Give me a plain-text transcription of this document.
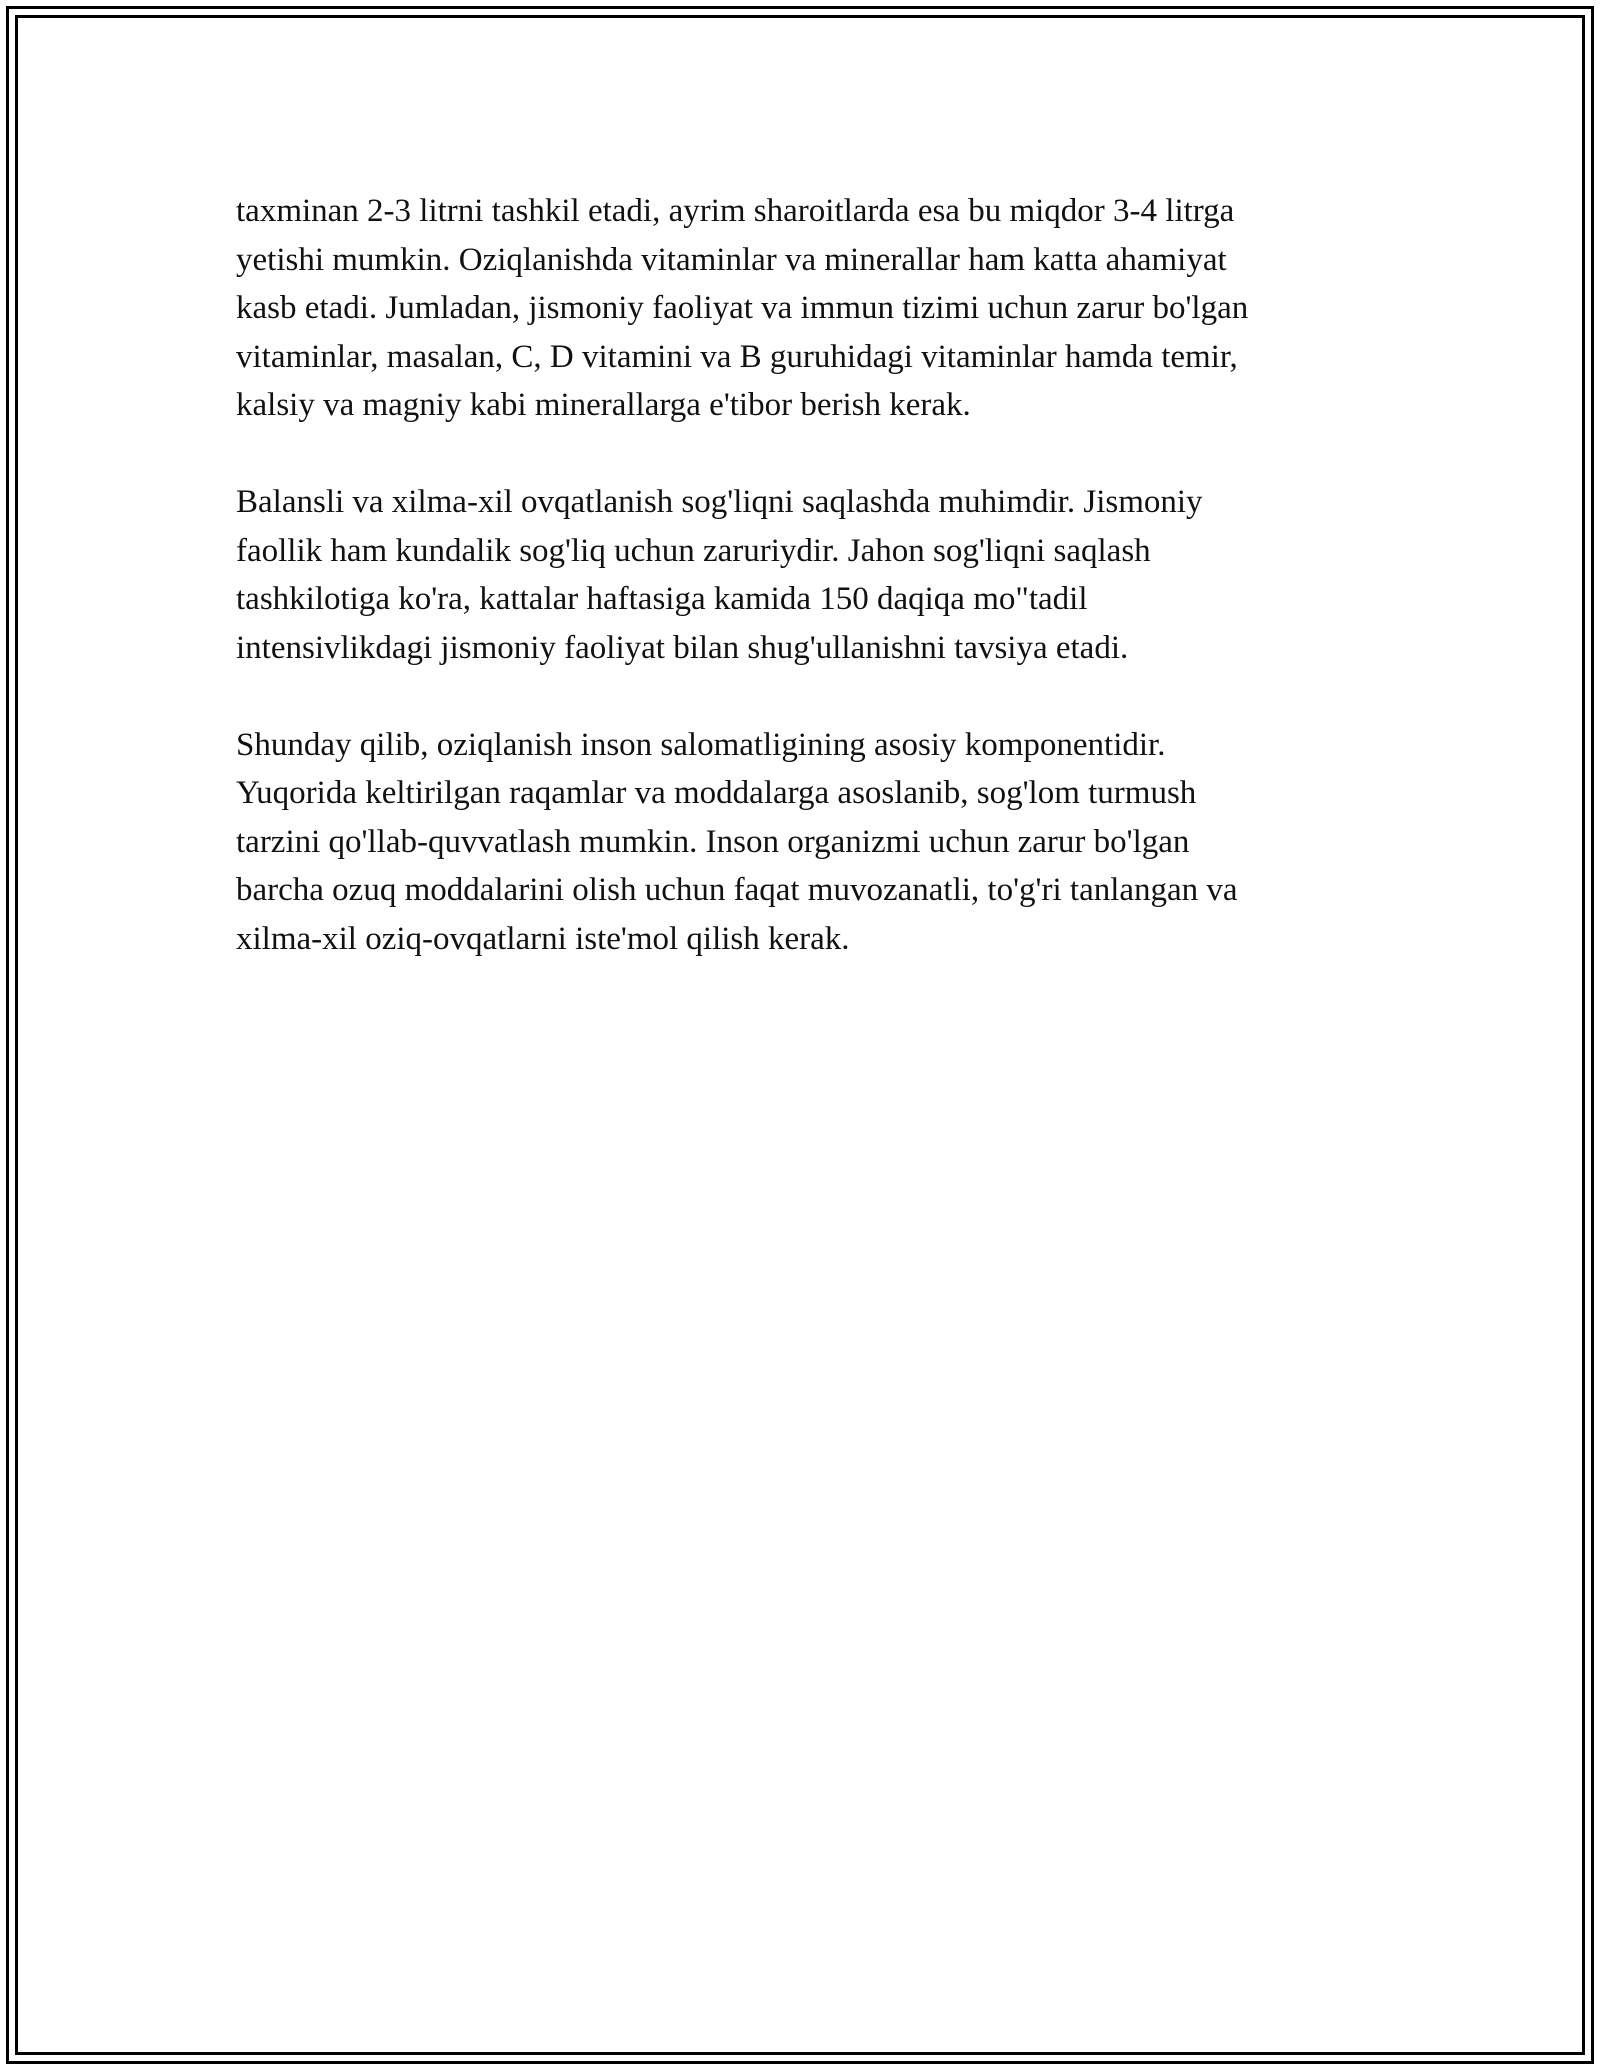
taxminan 2-3 litrni tashkil etadi, ayrim sharoitlarda esa bu miqdor 3-4 litrga
yetishi mumkin. Oziqlanishda vitaminlar va minerallar ham katta ahamiyat
kasb etadi. Jumladan, jismoniy faoliyat va immun tizimi uchun zarur bo'lgan
vitaminlar, masalan, C, D vitamini va B guruhidagi vitaminlar hamda temir,
kalsiy va magniy kabi minerallarga e'tibor berish kerak.

Balansli va xilma-xil ovqatlanish sog'liqni saqlashda muhimdir. Jismoniy
faollik ham kundalik sog'liq uchun zaruriydir. Jahon sog'liqni saqlash
tashkilotiga ko'ra, kattalar haftasiga kamida 150 daqiqa mo"tadil
intensivlikdagi jismoniy faoliyat bilan shug'ullanishni tavsiya etadi.

Shunday qilib, oziqlanish inson salomatligining asosiy komponentidir.
Yuqorida keltirilgan raqamlar va moddalarga asoslanib, sog'lom turmush
tarzini qo'llab-quvvatlash mumkin. Inson organizmi uchun zarur bo'lgan
barcha ozuq moddalarini olish uchun faqat muvozanatli, to'g'ri tanlangan va
xilma-xil oziq-ovqatlarni iste'mol qilish kerak.
